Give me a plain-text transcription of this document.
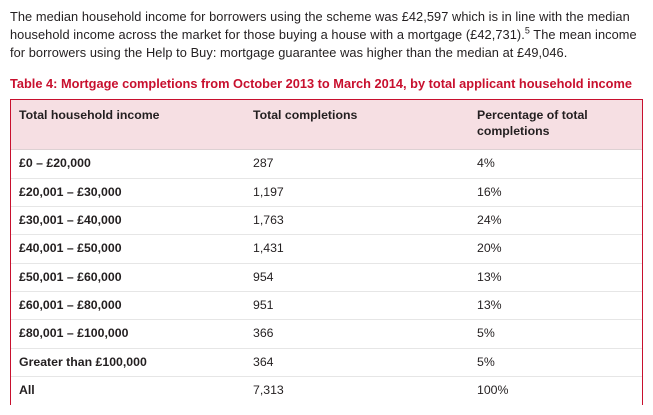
The median household income for borrowers using the scheme was £42,597 which is in line with the median household income across the market for those buying a house with a mortgage (£42,731).$^5$ The mean income for borrowers using the Help to Buy: mortgage guarantee was higher than the median at £49,046.

Table 4: Mortgage completions from October 2013 to March 2014, by total applicant household income
Total household income	Total completions	Percentage of total completions
£0 – £20,000	287	4%
£20,001 – £30,000	1,197	16%
£30,001 – £40,000	1,763	24%
£40,001 – £50,000	1,431	20%
£50,001 – £60,000	954	13%
£60,001 – £80,000	951	13%
£80,001 – £100,000	366	5%
Greater than £100,000	364	5%
All	7,313	100%
